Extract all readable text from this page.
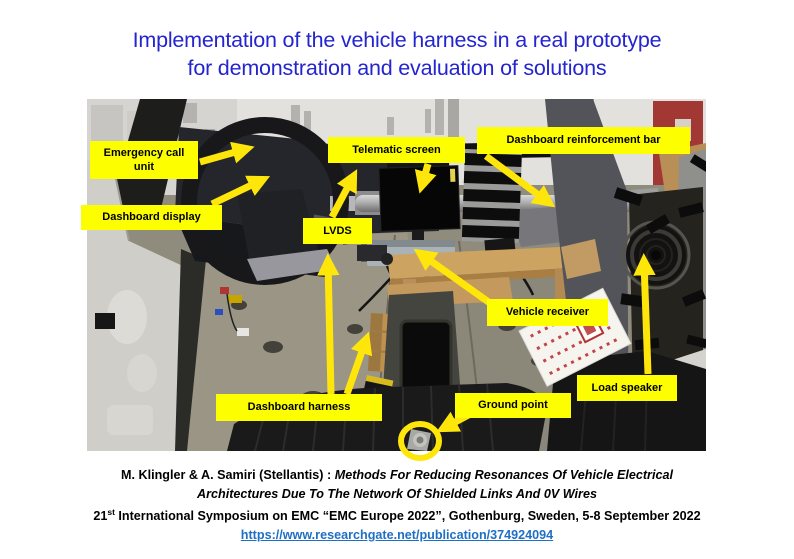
Implementation of the vehicle harness in a real prototype
for demonstration and evaluation of solutions
Emergency call unit
Dashboard display
Telematic screen
Dashboard reinforcement bar
LVDS
Vehicle receiver
Dashboard harness	Ground point
Load speaker

M. Klingler & A. Samiri (Stellantis) : Methods For Reducing Resonances Of Vehicle Electrical

Architectures Due To The Network Of Shielded Links And 0V Wires

21st International Symposium on EMC “EMC Europe 2022”, Gothenburg, Sweden, 5-8 September 2022

https://www.researchgate.net/publication/374924094
